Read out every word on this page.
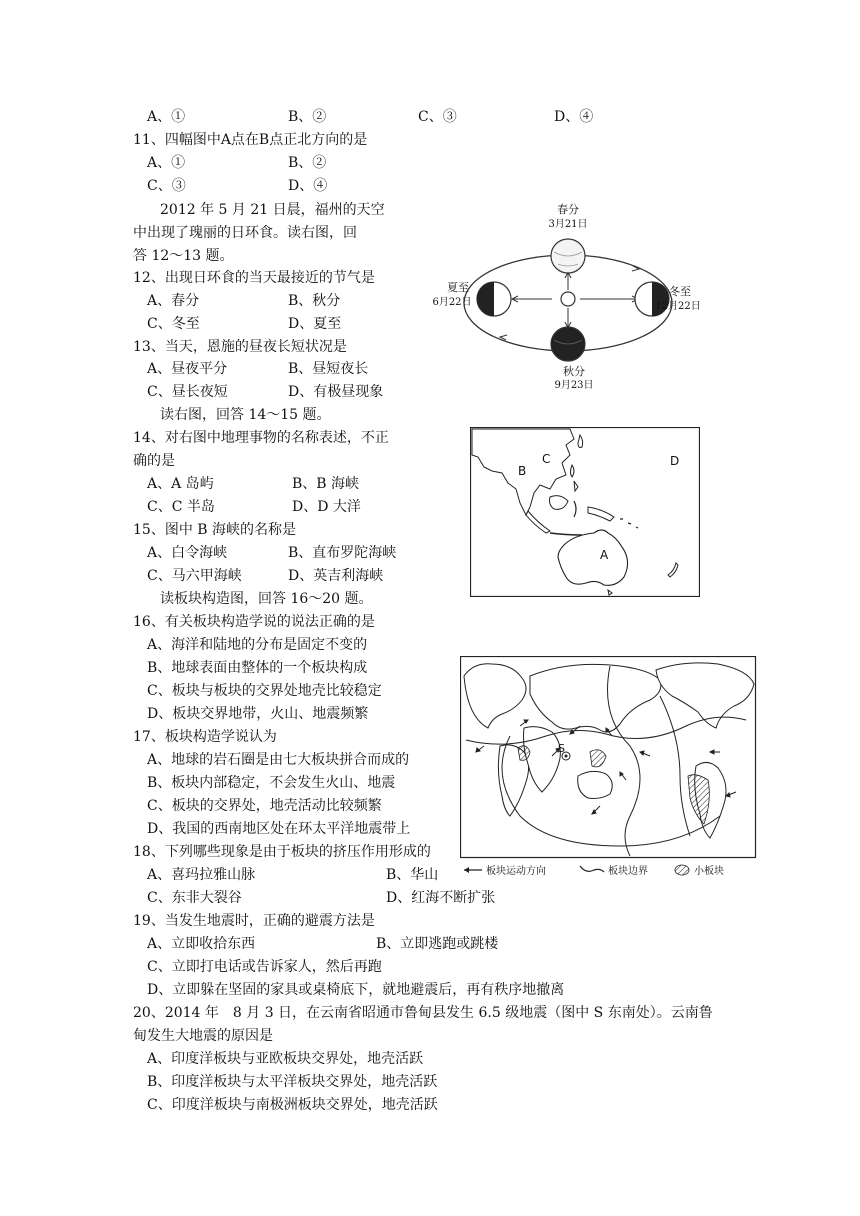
A、①	B、②	C、③	D、④
11、四幅图中A点在B点正北方向的是
A、①	B、②
C、③	D、④
2012 年 5 月 21 日晨，福州的天空
中出现了瑰丽的日环食。读右图，回
答 12～13 题。
12、出现日环食的当天最接近的节气是
A、春分	B、秋分
C、冬至	D、夏至
13、当天，恩施的昼夜长短状况是
A、昼夜平分	B、昼短夜长
C、昼长夜短	D、有极昼现象
读右图，回答 14～15 题。
14、对右图中地理事物的名称表述，不正
确的是
A、A 岛屿	B、B 海峡
C、C 半岛	D、D 大洋
15、图中 B 海峡的名称是
A、白令海峡	B、直布罗陀海峡
C、马六甲海峡	D、英吉利海峡
读板块构造图，回答 16～20 题。
16、有关板块构造学说的说法正确的是
A、海洋和陆地的分布是固定不变的
B、地球表面由整体的一个板块构成
C、板块与板块的交界处地壳比较稳定
D、板块交界地带，火山、地震频繁
17、板块构造学说认为
A、地球的岩石圈是由七大板块拼合而成的
B、板块内部稳定，不会发生火山、地震
C、板块的交界处，地壳活动比较频繁
D、我国的西南地区处在环太平洋地震带上
18、下列哪些现象是由于板块的挤压作用形成的
A、喜玛拉雅山脉	B、华山
C、东非大裂谷	D、红海不断扩张
19、当发生地震时，正确的避震方法是
A、立即收拾东西	B、立即逃跑或跳楼
C、立即打电话或告诉家人，然后再跑
D、立即躲在坚固的家具或桌椅底下，就地避震后，再有秩序地撤离
20、2014 年　8 月 3 日，在云南省昭通市鲁甸县发生 6.5 级地震（图中 S 东南处）。云南鲁
甸发生大地震的原因是
A、印度洋板块与亚欧板块交界处，地壳活跃
B、印度洋板块与太平洋板块交界处，地壳活跃
C、印度洋板块与南极洲板块交界处，地壳活跃
春分
3月21日
夏至
6月22日
冬至
12月22日
秋分
9月23日
B
C	D
A
S
板块运动方向	板块边界	小板块
